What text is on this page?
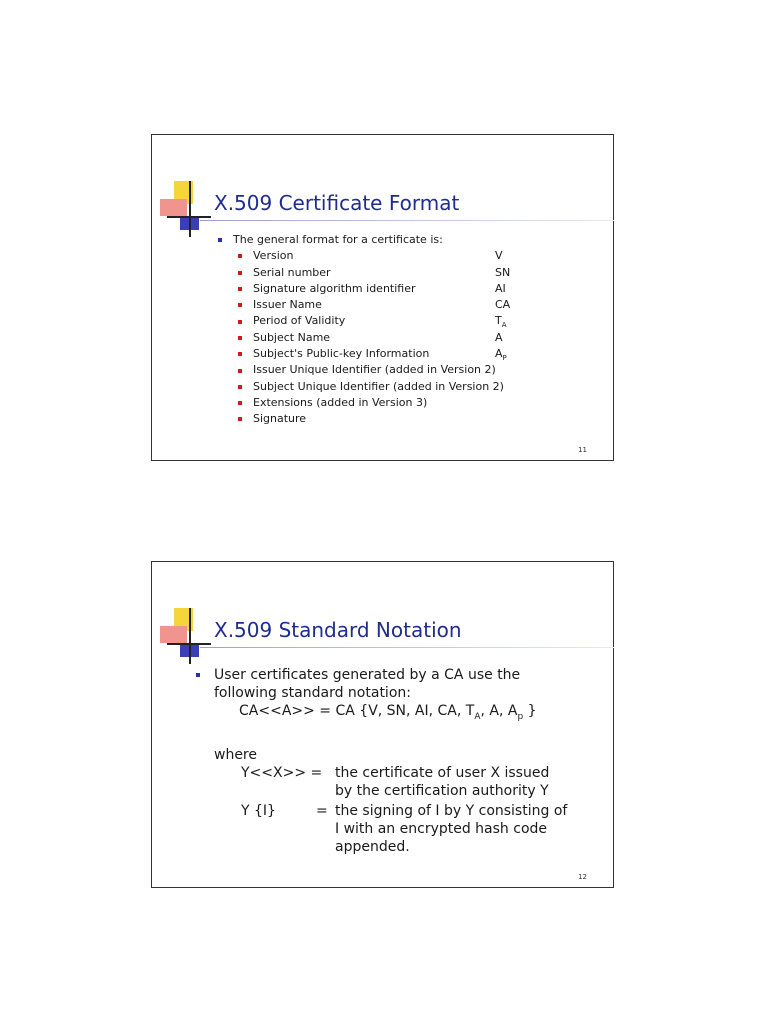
X.509 Certificate Format
The general format for a certificate is:
Version	V
Serial number	SN
Signature algorithm identifier	AI
Issuer Name	CA
Period of Validity	$T_A$
Subject Name	A
Subject's Public-key Information	$A_P$
Issuer Unique Identifier (added in Version 2)
Subject Unique Identifier (added in Version 2)
Extensions (added in Version 3)
Signature
11
X.509 Standard Notation
User certificates generated by a CA use the
following standard notation:
CA<<A>> = CA {V, SN, AI, CA, $T_A$, A, $A_p$ }
where
Y<<X>> = the certificate of user X issued
by the certification authority Y
Y {I}	= the signing of I by Y consisting of
I with an encrypted hash code
appended.
12
